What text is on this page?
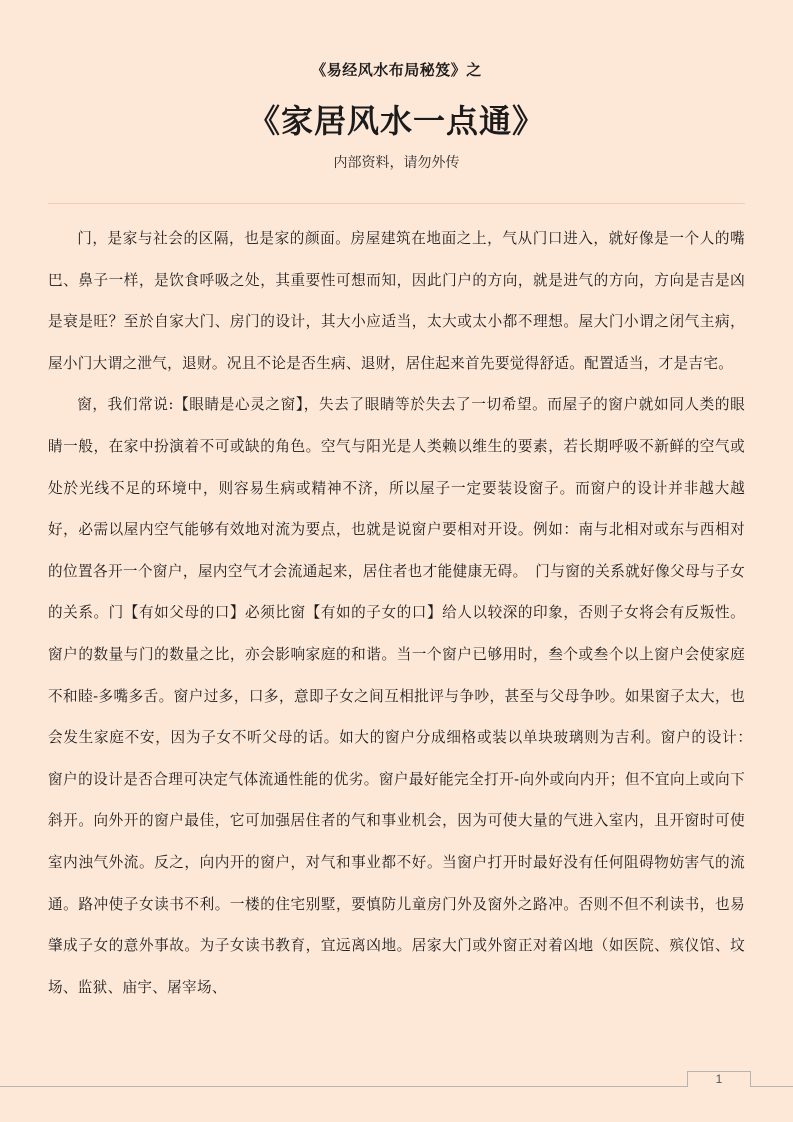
《易经风水布局秘笈》之
《家居风水一点通》
内部资料，请勿外传

门，是家与社会的区隔，也是家的颜面。房屋建筑在地面之上，气从门口进入，就好像是一个人的嘴巴、鼻子一样，是饮食呼吸之处，其重要性可想而知，因此门户的方向，就是进气的方向，方向是吉是凶是衰是旺？至於自家大门、房门的设计，其大小应适当，太大或太小都不理想。屋大门小谓之闭气主病，屋小门大谓之泄气，退财。况且不论是否生病、退财，居住起来首先要觉得舒适。配置适当，才是吉宅。

窗，我们常说:【眼睛是心灵之窗】，失去了眼睛等於失去了一切希望。而屋子的窗户就如同人类的眼睛一般，在家中扮演着不可或缺的角色。空气与阳光是人类赖以维生的要素，若长期呼吸不新鲜的空气或处於光线不足的环境中，则容易生病或精神不济，所以屋子一定要装设窗子。而窗户的设计并非越大越好，必需以屋内空气能够有效地对流为要点，也就是说窗户要相对开设。例如：南与北相对或东与西相对的位置各开一个窗户，屋内空气才会流通起来，居住者也才能健康无碍。　门与窗的关系就好像父母与子女的关系。门【有如父母的口】必须比窗【有如的子女的口】给人以较深的印象，否则子女将会有反叛性。窗户的数量与门的数量之比，亦会影响家庭的和谐。当一个窗户已够用时，叁个或叁个以上窗户会使家庭不和睦-多嘴多舌。窗户过多，口多，意即子女之间互相批评与争吵，甚至与父母争吵。如果窗子太大，也会发生家庭不安，因为子女不听父母的话。如大的窗户分成细格或装以单块玻璃则为吉利。窗户的设计：　窗户的设计是否合理可决定气体流通性能的优劣。窗户最好能完全打开-向外或向内开；但不宜向上或向下斜开。向外开的窗户最佳，它可加强居住者的气和事业机会，因为可使大量的气进入室内，且开窗时可使室内浊气外流。反之，向内开的窗户，对气和事业都不好。当窗户打开时最好没有任何阻碍物妨害气的流通。路冲使子女读书不利。一楼的住宅别墅，要慎防儿童房门外及窗外之路冲。否则不但不利读书，也易肇成子女的意外事故。为子女读书教育，宜远离凶地。居家大门或外窗正对着凶地（如医院、殡仪馆、坟场、监狱、庙宇、屠宰场、

1
